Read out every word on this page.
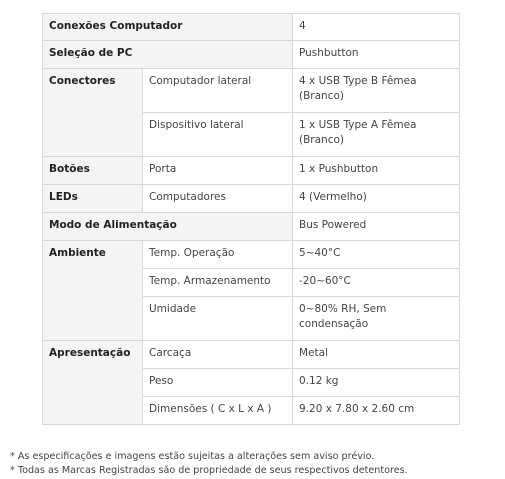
Conexões Computador		4
Seleção de PC		Pushbutton
Conectores	Computador lateral	4 x USB Type B Fêmea (Branco)
	Dispositivo lateral	1 x USB Type A Fêmea (Branco)
Botões	Porta	1 x Pushbutton
LEDs	Computadores	4 (Vermelho)
Modo de Alimentação		Bus Powered
Ambiente	Temp. Operação	5~40°C
	Temp. Armazenamento	-20~60°C
	Umidade	0~80% RH, Sem condensação
Apresentação	Carcaça	Metal
	Peso	0.12 kg
	Dimensões ( C x L x A )	9.20 x 7.80 x 2.60 cm
* As especificações e imagens estão sujeitas a alterações sem aviso prévio.
* Todas as Marcas Registradas são de propriedade de seus respectivos detentores.
